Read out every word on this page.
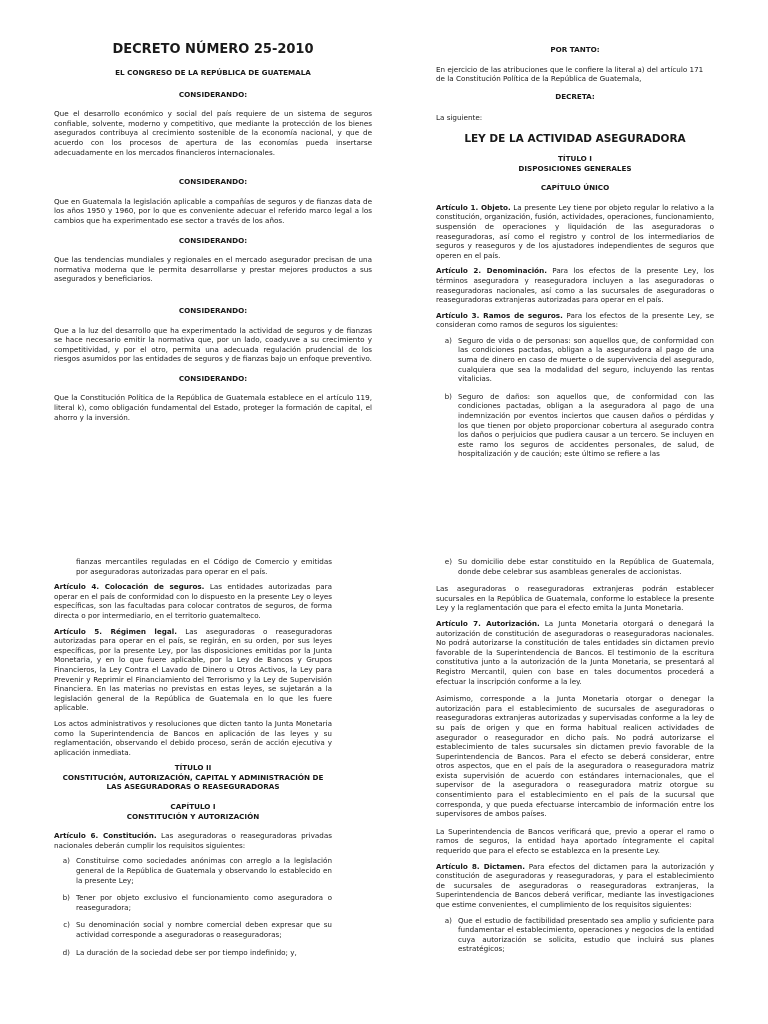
DECRETO NÚMERO 25-2010
EL CONGRESO DE LA REPÚBLICA DE GUATEMALA
CONSIDERANDO:

Que el desarrollo económico y social del país requiere de un sistema de seguros confiable, solvente, moderno y competitivo, que mediante la protección de los bienes asegurados contribuya al crecimiento sostenible de la economía nacional, y que de acuerdo con los procesos de apertura de las economías pueda insertarse adecuadamente en los mercados financieros internacionales.

CONSIDERANDO:

Que en Guatemala la legislación aplicable a compañías de seguros y de fianzas data de los años 1950 y 1960, por lo que es conveniente adecuar el referido marco legal a los cambios que ha experimentado ese sector a través de los años.

CONSIDERANDO:

Que las tendencias mundiales y regionales en el mercado asegurador precisan de una normativa moderna que le permita desarrollarse y prestar mejores productos a sus asegurados y beneficiarios.

CONSIDERANDO:

Que a la luz del desarrollo que ha experimentado la actividad de seguros y de fianzas se hace necesario emitir la normativa que, por un lado, coadyuve a su crecimiento y competitividad, y por el otro, permita una adecuada regulación prudencial de los riesgos asumidos por las entidades de seguros y de fianzas bajo un enfoque preventivo.

CONSIDERANDO:

Que la Constitución Política de la República de Guatemala establece en el artículo 119, literal k), como obligación fundamental del Estado, proteger la formación de capital, el ahorro y la inversión.

POR TANTO:

En ejercicio de las atribuciones que le confiere la literal a) del artículo 171 de la Constitución Política de la República de Guatemala,

DECRETA:

La siguiente:

LEY DE LA ACTIVIDAD ASEGURADORA
TÍTULO I
DISPOSICIONES GENERALES
CAPÍTULO ÚNICO

Artículo 1. Objeto. La presente Ley tiene por objeto regular lo relativo a la constitución, organización, fusión, actividades, operaciones, funcionamiento, suspensión de operaciones y liquidación de las aseguradoras o reaseguradoras, así como el registro y control de los intermediarios de seguros y reaseguros y de los ajustadores independientes de seguros que operen en el país.

Artículo 2. Denominación. Para los efectos de la presente Ley, los términos aseguradora y reaseguradora incluyen a las aseguradoras o reaseguradoras nacionales, así como a las sucursales de aseguradoras o reaseguradoras extranjeras autorizadas para operar en el país.

Artículo 3. Ramos de seguros. Para los efectos de la presente Ley, se consideran como ramos de seguros los siguientes:

a) Seguro de vida o de personas: son aquellos que, de conformidad con las condiciones pactadas, obligan a la aseguradora al pago de una suma de dinero en caso de muerte o de supervivencia del asegurado, cualquiera que sea la modalidad del seguro, incluyendo las rentas vitalicias.
b) Seguro de daños: son aquellos que, de conformidad con las condiciones pactadas, obligan a la aseguradora al pago de una indemnización por eventos inciertos que causen daños o pérdidas y los que tienen por objeto proporcionar cobertura al asegurado contra los daños o perjuicios que pudiera causar a un tercero. Se incluyen en este ramo los seguros de accidentes personales, de salud, de hospitalización y de caución; este último se refiere a las

fianzas mercantiles reguladas en el Código de Comercio y emitidas por aseguradoras autorizadas para operar en el país.

Artículo 4. Colocación de seguros. Las entidades autorizadas para operar en el país de conformidad con lo dispuesto en la presente Ley o leyes específicas, son las facultadas para colocar contratos de seguros, de forma directa o por intermediario, en el territorio guatemalteco.

Artículo 5. Régimen legal. Las aseguradoras o reaseguradoras autorizadas para operar en el país, se regirán, en su orden, por sus leyes específicas, por la presente Ley, por las disposiciones emitidas por la Junta Monetaria, y en lo que fuere aplicable, por la Ley de Bancos y Grupos Financieros, la Ley Contra el Lavado de Dinero u Otros Activos, la Ley para Prevenir y Reprimir el Financiamiento del Terrorismo y la Ley de Supervisión Financiera. En las materias no previstas en estas leyes, se sujetarán a la legislación general de la República de Guatemala en lo que les fuere aplicable.

Los actos administrativos y resoluciones que dicten tanto la Junta Monetaria como la Superintendencia de Bancos en aplicación de las leyes y su reglamentación, observando el debido proceso, serán de acción ejecutiva y aplicación inmediata.

TÍTULO II
CONSTITUCIÓN, AUTORIZACIÓN, CAPITAL Y ADMINISTRACIÓN DE LAS ASEGURADORAS O REASEGURADORAS
CAPÍTULO I
CONSTITUCIÓN Y AUTORIZACIÓN

Artículo 6. Constitución. Las aseguradoras o reaseguradoras privadas nacionales deberán cumplir los requisitos siguientes:

a) Constituirse como sociedades anónimas con arreglo a la legislación general de la República de Guatemala y observando lo establecido en la presente Ley;
b) Tener por objeto exclusivo el funcionamiento como aseguradora o reaseguradora;
c) Su denominación social y nombre comercial deben expresar que su actividad corresponde a aseguradoras o reaseguradoras;
d) La duración de la sociedad debe ser por tiempo indefinido; y,
e) Su domicilio debe estar constituido en la República de Guatemala, donde debe celebrar sus asambleas generales de accionistas.

Las aseguradoras o reaseguradoras extranjeras podrán establecer sucursales en la República de Guatemala, conforme lo establece la presente Ley y la reglamentación que para el efecto emita la Junta Monetaria.

Artículo 7. Autorización. La Junta Monetaria otorgará o denegará la autorización de constitución de aseguradoras o reaseguradoras nacionales. No podrá autorizarse la constitución de tales entidades sin dictamen previo favorable de la Superintendencia de Bancos. El testimonio de la escritura constitutiva junto a la autorización de la Junta Monetaria, se presentará al Registro Mercantil, quien con base en tales documentos procederá a efectuar la inscripción conforme a la ley.

Asimismo, corresponde a la Junta Monetaria otorgar o denegar la autorización para el establecimiento de sucursales de aseguradoras o reaseguradoras extranjeras autorizadas y supervisadas conforme a la ley de su país de origen y que en forma habitual realicen actividades de asegurador o reasegurador en dicho país. No podrá autorizarse el establecimiento de tales sucursales sin dictamen previo favorable de la Superintendencia de Bancos. Para el efecto se deberá considerar, entre otros aspectos, que en el país de la aseguradora o reaseguradora matriz exista supervisión de acuerdo con estándares internacionales, que el supervisor de la aseguradora o reaseguradora matriz otorgue su consentimiento para el establecimiento en el país de la sucursal que corresponda, y que pueda efectuarse intercambio de información entre los supervisores de ambos países.

La Superintendencia de Bancos verificará que, previo a operar el ramo o ramos de seguros, la entidad haya aportado íntegramente el capital requerido que para el efecto se establezca en la presente Ley.

Artículo 8. Dictamen. Para efectos del dictamen para la autorización y constitución de aseguradoras y reaseguradoras, y para el establecimiento de sucursales de aseguradoras o reaseguradoras extranjeras, la Superintendencia de Bancos deberá verificar, mediante las investigaciones que estime convenientes, el cumplimiento de los requisitos siguientes:

a) Que el estudio de factibilidad presentado sea amplio y suficiente para fundamentar el establecimiento, operaciones y negocios de la entidad cuya autorización se solicita, estudio que incluirá sus planes estratégicos;
